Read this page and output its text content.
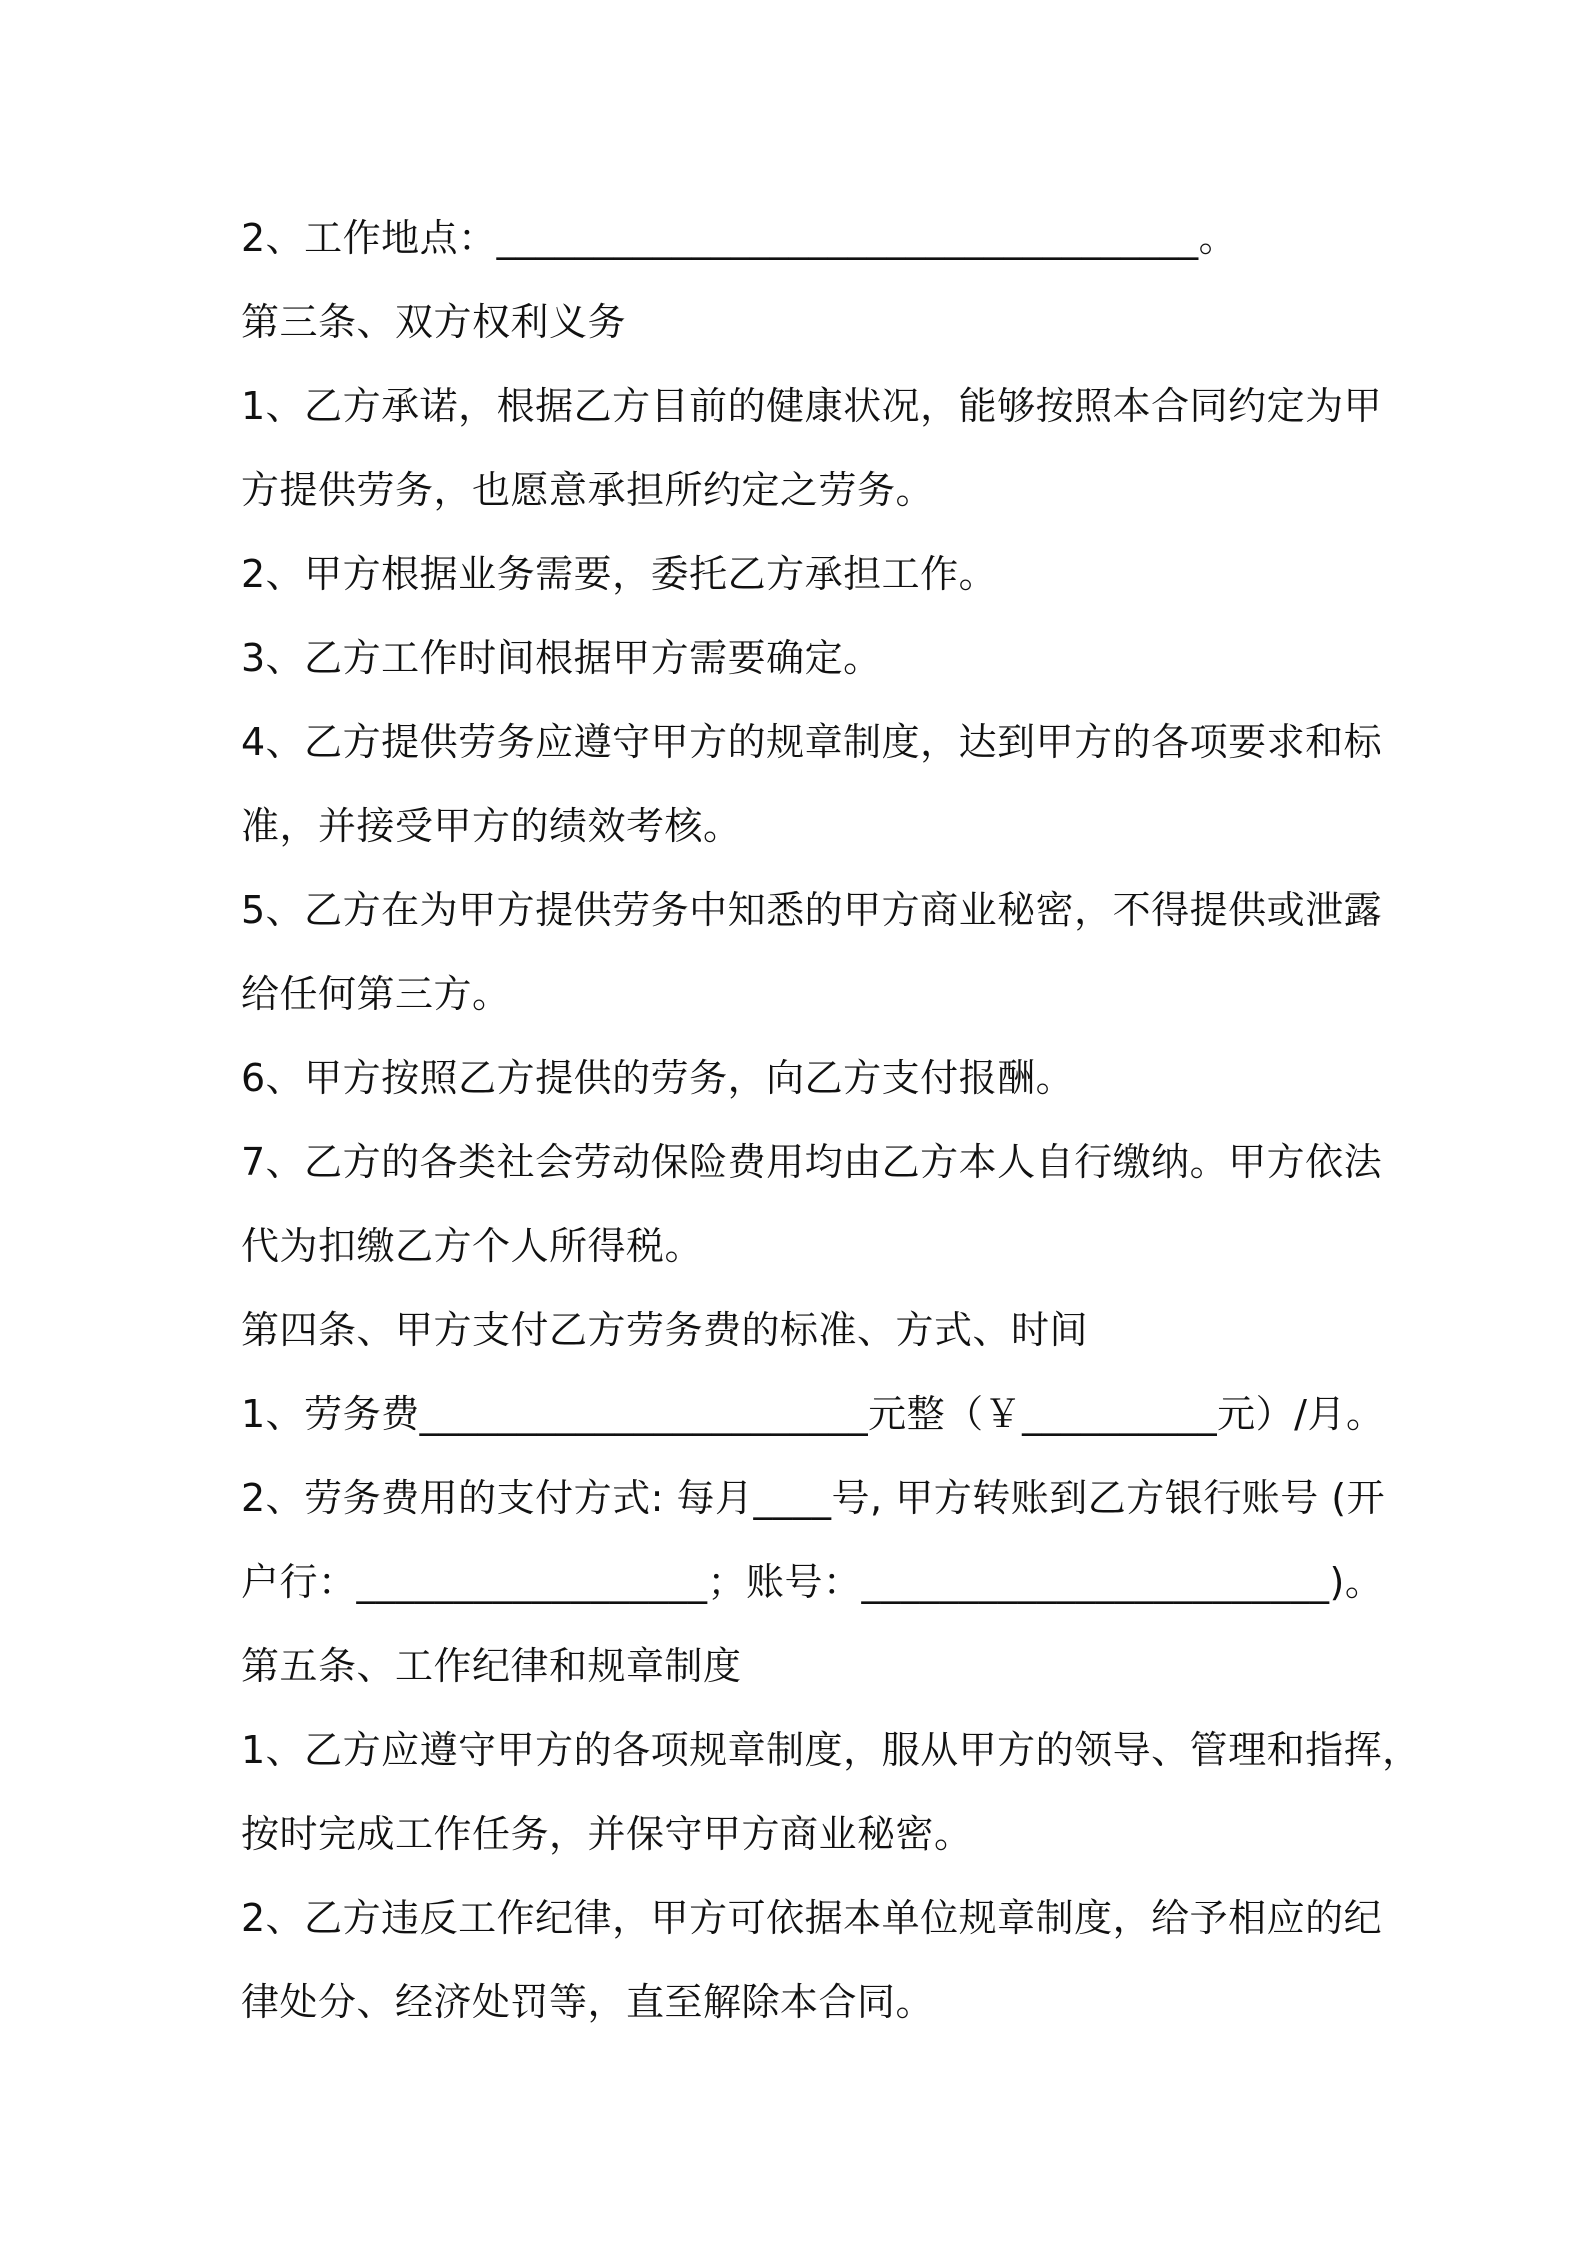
2、工作地点：____________________________________。
第三条、双方权利义务
1、乙方承诺，根据乙方目前的健康状况，能够按照本合同约定为甲
方提供劳务，也愿意承担所约定之劳务。
2、甲方根据业务需要，委托乙方承担工作。
3、乙方工作时间根据甲方需要确定。
4、乙方提供劳务应遵守甲方的规章制度，达到甲方的各项要求和标
准，并接受甲方的绩效考核。
5、乙方在为甲方提供劳务中知悉的甲方商业秘密，不得提供或泄露
给任何第三方。
6、甲方按照乙方提供的劳务，向乙方支付报酬。
7、乙方的各类社会劳动保险费用均由乙方本人自行缴纳。甲方依法
代为扣缴乙方个人所得税。
第四条、甲方支付乙方劳务费的标准、方式、时间
1、劳务费_______________________元整（￥__________元）/月。
2、劳务费用的支付方式: 每月____号, 甲方转账到乙方银行账号 (开
户行：__________________；账号：________________________)。
第五条、工作纪律和规章制度
1、乙方应遵守甲方的各项规章制度，服从甲方的领导、管理和指挥，
按时完成工作任务，并保守甲方商业秘密。
2、乙方违反工作纪律，甲方可依据本单位规章制度，给予相应的纪
律处分、经济处罚等，直至解除本合同。
